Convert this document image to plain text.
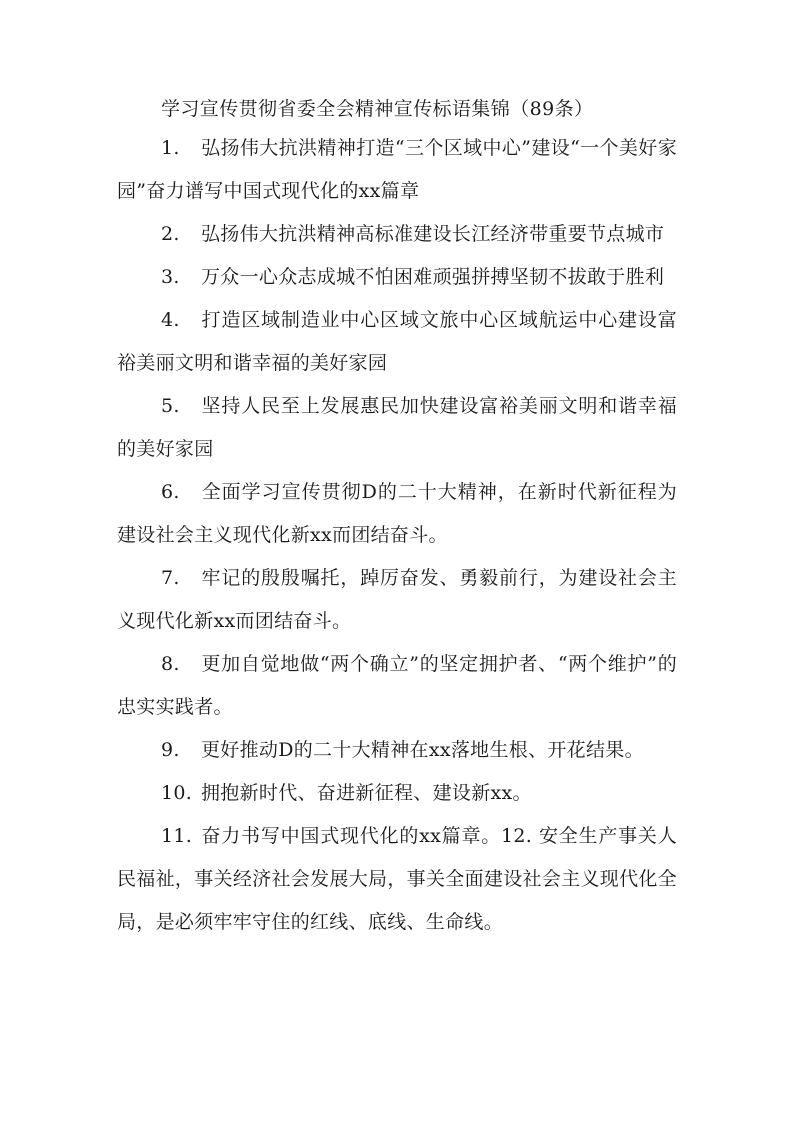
学习宣传贯彻省委全会精神宣传标语集锦（89条）

1. 弘扬伟大抗洪精神打造“三个区域中心”建设“一个美好家园”奋力谱写中国式现代化的xx篇章

2. 弘扬伟大抗洪精神高标准建设长江经济带重要节点城市

3. 万众一心众志成城不怕困难顽强拼搏坚韧不拔敢于胜利

4. 打造区域制造业中心区域文旅中心区域航运中心建设富裕美丽文明和谐幸福的美好家园

5. 坚持人民至上发展惠民加快建设富裕美丽文明和谐幸福的美好家园

6. 全面学习宣传贯彻D的二十大精神，在新时代新征程为建设社会主义现代化新xx而团结奋斗。

7. 牢记的殷殷嘱托，踔厉奋发、勇毅前行，为建设社会主义现代化新xx而团结奋斗。

8. 更加自觉地做“两个确立”的坚定拥护者、“两个维护”的忠实实践者。

9. 更好推动D的二十大精神在xx落地生根、开花结果。

10. 拥抱新时代、奋进新征程、建设新xx。

11. 奋力书写中国式现代化的xx篇章。12. 安全生产事关人民福祉，事关经济社会发展大局，事关全面建设社会主义现代化全局，是必须牢牢守住的红线、底线、生命线。
